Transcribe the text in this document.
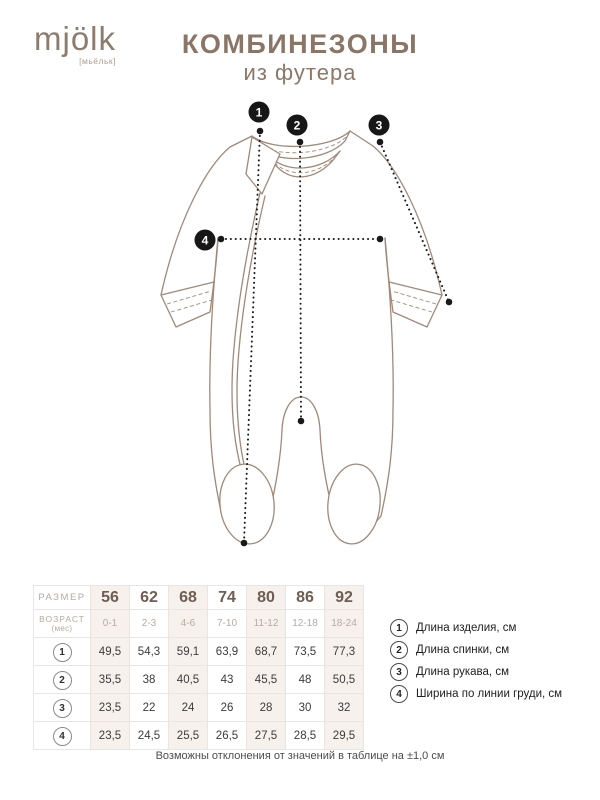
mjölk
[мьёльк]
КОМБИНЕЗОНЫ
из футера
1
2	3
4
РАЗМЕР	56	62	68	74	80	86	92

ВОЗРАСТ
(мес)	0-1	2-3	4-6	7-10	11-12	12-18	18-24
1	49,5	54,3	59,1	63,9	68,7	73,5	77,3
2	35,5	38	40,5	43	45,5	48	50,5
3	23,5	22	24	26	28	30	32
4	23,5	24,5	25,5	26,5	27,5	28,5	29,5
1	Длина изделия, см
2	Длина спинки, см
3	Длина рукава, см
4	Ширина по линии груди, см
Возможны отклонения от значений в таблице на ±1,0 см
